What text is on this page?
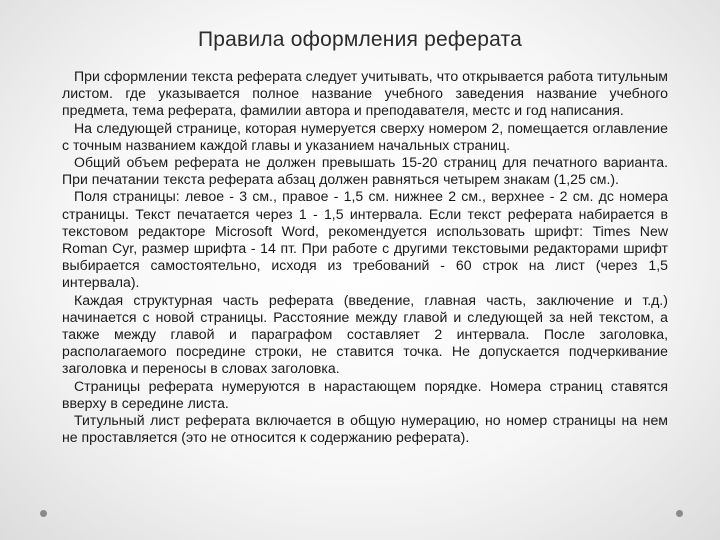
Правила оформления реферата

При сформлении текста реферата следует учитывать, что открывается работа титульным листом. где указывается полное название учебного заведения название учебного предмета, тема реферата, фамилии автора и преподавателя, местс и год написания.

На следующей странице, которая нумеруется сверху номером 2, помещается оглавление с точным названием каждой главы и указанием начальных страниц.

Общий объем реферата не должен превышать 15-20 страниц для печатного варианта. При печатании текста реферата абзац должен равняться четырем знакам (1,25 см.).

Поля страницы: левое - 3 см., правое - 1,5 см. нижнее 2 см., верхнее - 2 см. дс номера страницы. Текст печатается через 1 - 1,5 интервала. Если текст реферата набирается в текстовом редакторе Microsoft Word, рекомендуется использовать шрифт: Times New Roman Cyr, размер шрифта - 14 пт. При работе с другими текстовыми редакторами шрифт выбирается самостоятельно, исходя из требований - 60 строк на лист (через 1,5 интервала).

Каждая структурная часть реферата (введение, главная часть, заключение и т.д.) начинается с новой страницы. Расстояние между главой и следующей за ней текстом, а также между главой и параграфом составляет 2 интервала. После заголовка, располагаемого посредине строки, не ставится точка. Не допускается подчеркивание заголовка и переносы в словах заголовка.

Страницы реферата нумеруются в нарастающем порядке. Номера страниц ставятся вверху в середине листа.

Титульный лист реферата включается в общую нумерацию, но номер страницы на нем не проставляется (это не относится к содержанию реферата).
